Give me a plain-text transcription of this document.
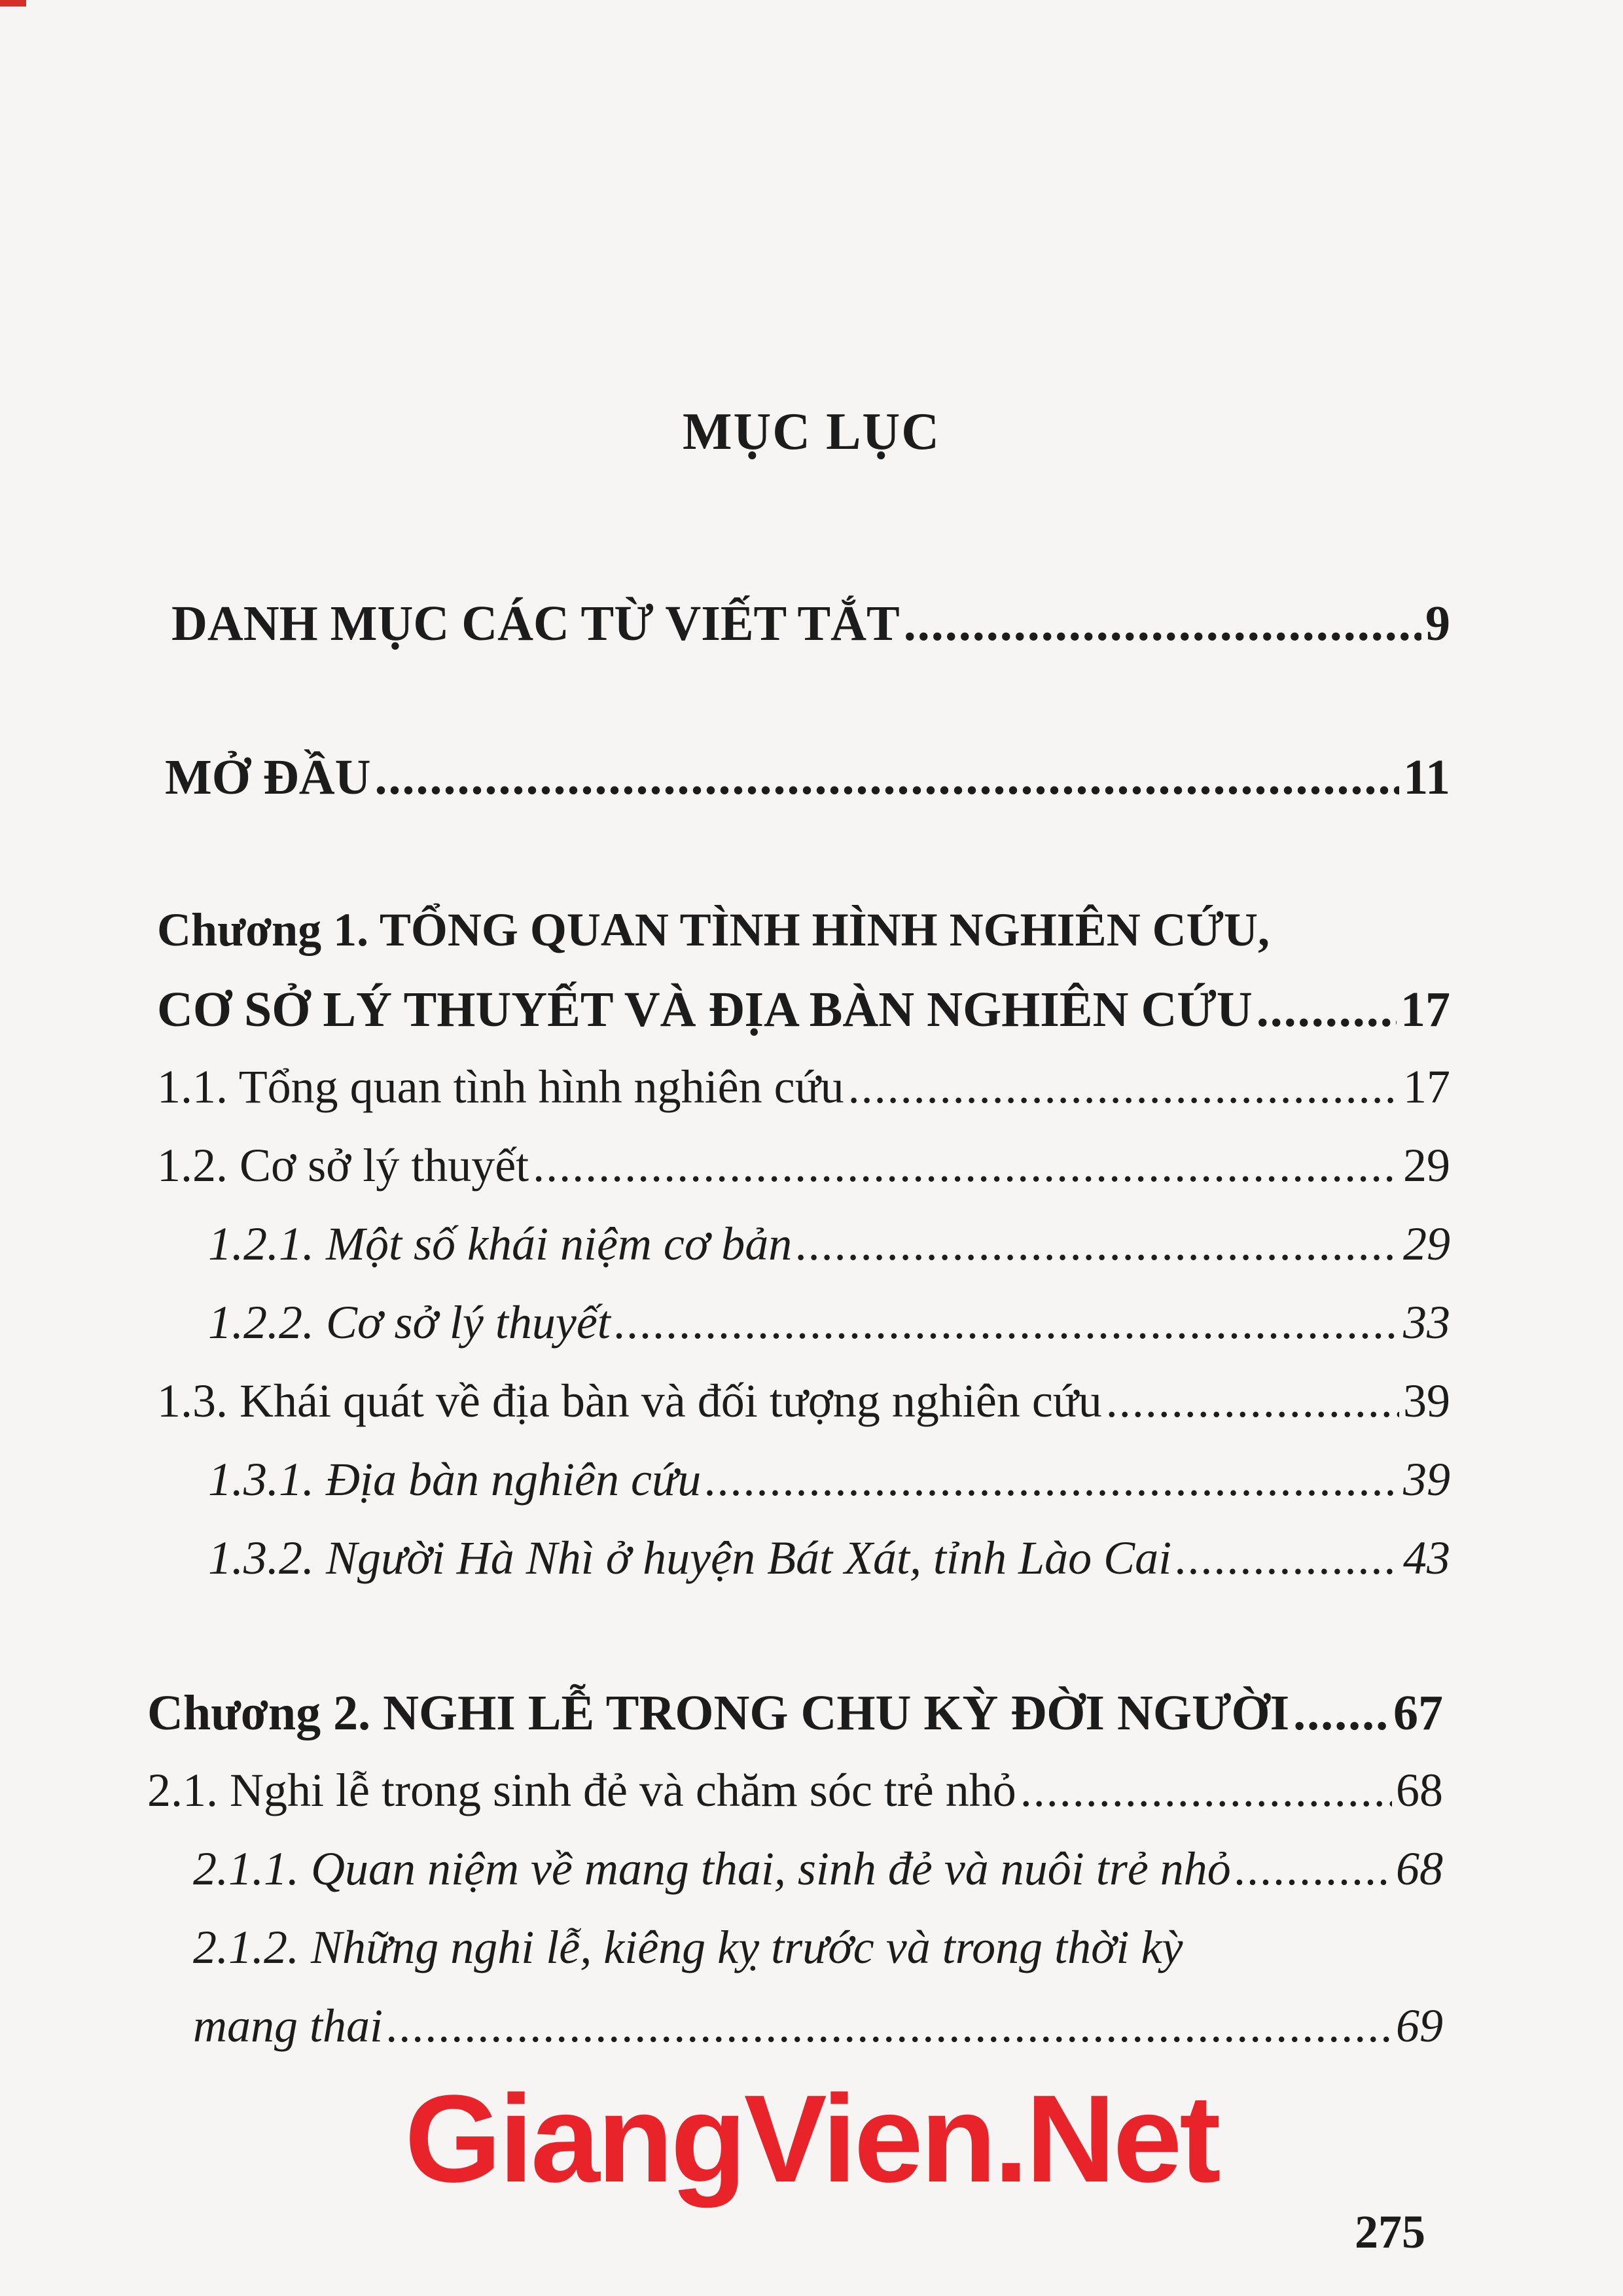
MỤC LỤC
DANH MỤC CÁC TỪ VIẾT TẮT .....	9
MỞ ĐẦU .....	11
Chương 1. TỔNG QUAN TÌNH HÌNH NGHIÊN CỨU,
CƠ SỞ LÝ THUYẾT VÀ ĐỊA BÀN NGHIÊN CỨU .....	17
1.1. Tổng quan tình hình nghiên cứu .....	17
1.2. Cơ sở lý thuyết .....	29
1.2.1. Một số khái niệm cơ bản .....	29
1.2.2. Cơ sở lý thuyết .....	33
1.3. Khái quát về địa bàn và đối tượng nghiên cứu .....	39
1.3.1. Địa bàn nghiên cứu .....	39
1.3.2. Người Hà Nhì ở huyện Bát Xát, tỉnh Lào Cai .....	43
Chương 2. NGHI LỄ TRONG CHU KỲ ĐỜI NGƯỜI ..... 67
2.1. Nghi lễ trong sinh đẻ và chăm sóc trẻ nhỏ .....	68
2.1.1. Quan niệm về mang thai, sinh đẻ và nuôi trẻ nhỏ .....	68
2.1.2. Những nghi lễ, kiêng kỵ trước và trong thời kỳ
mang thai .....	69
GiangVien.Net
275
